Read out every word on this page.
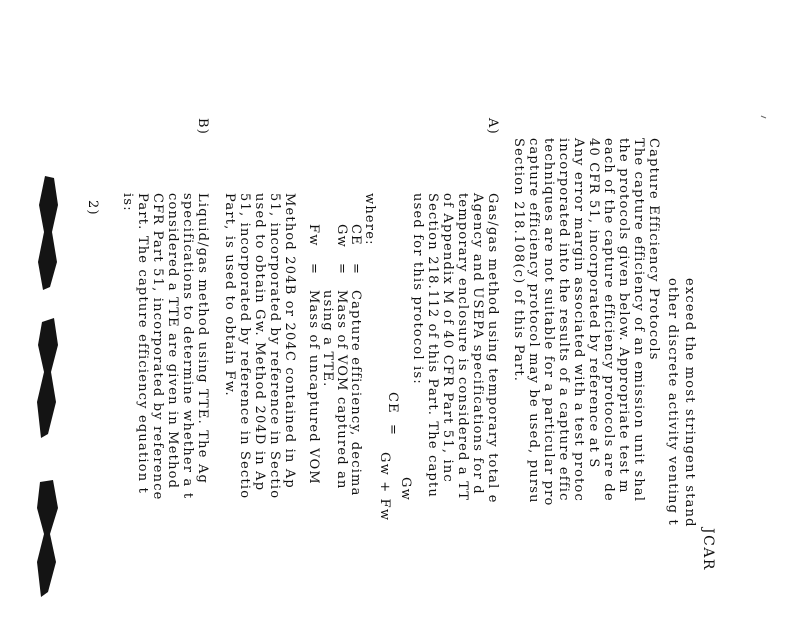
JCAR
exceed the most stringent stand
other discrete activity venting t
Capture Efficiency Protocols
The capture efficiency of an emission unit shal
the protocols given below. Appropriate test m
each of the capture efficiency protocols are de
40 CFR 51, incorporated by reference at S
Any error margin associated with a test protoc
incorporated into the results of a capture effic
techniques are not suitable for a particular pro
capture efficiency protocol may be used, pursu
Section 218.108(c) of this Part.
A)
Gas/gas method using temporary total e
Agency and USEPA specifications for d
temporary enclosure is considered a TT
of Appendix M of 40 CFR Part 51, inc
Section 218.112 of this Part. The captu
used for this protocol is:
CE
=
Gw
Gw + Fw
where:
CE
=
Capture efficiency, decima
Gw
=
Mass of VOM captured an
using a TTE.
Fw
=
Mass of uncaptured VOM
Method 204B or 204C contained in Ap
51, incorporated by reference in Sectio
used to obtain Gw. Method 204D in Ap
51, incorporated by reference in Sectio
Part, is used to obtain Fw.
B)
Liquid/gas method using TTE. The Ag
specifications to determine whether a t
considered a TTE are given in Method
CFR Part 51, incorporated by reference
Part. The capture efficiency equation t
is:
2)
